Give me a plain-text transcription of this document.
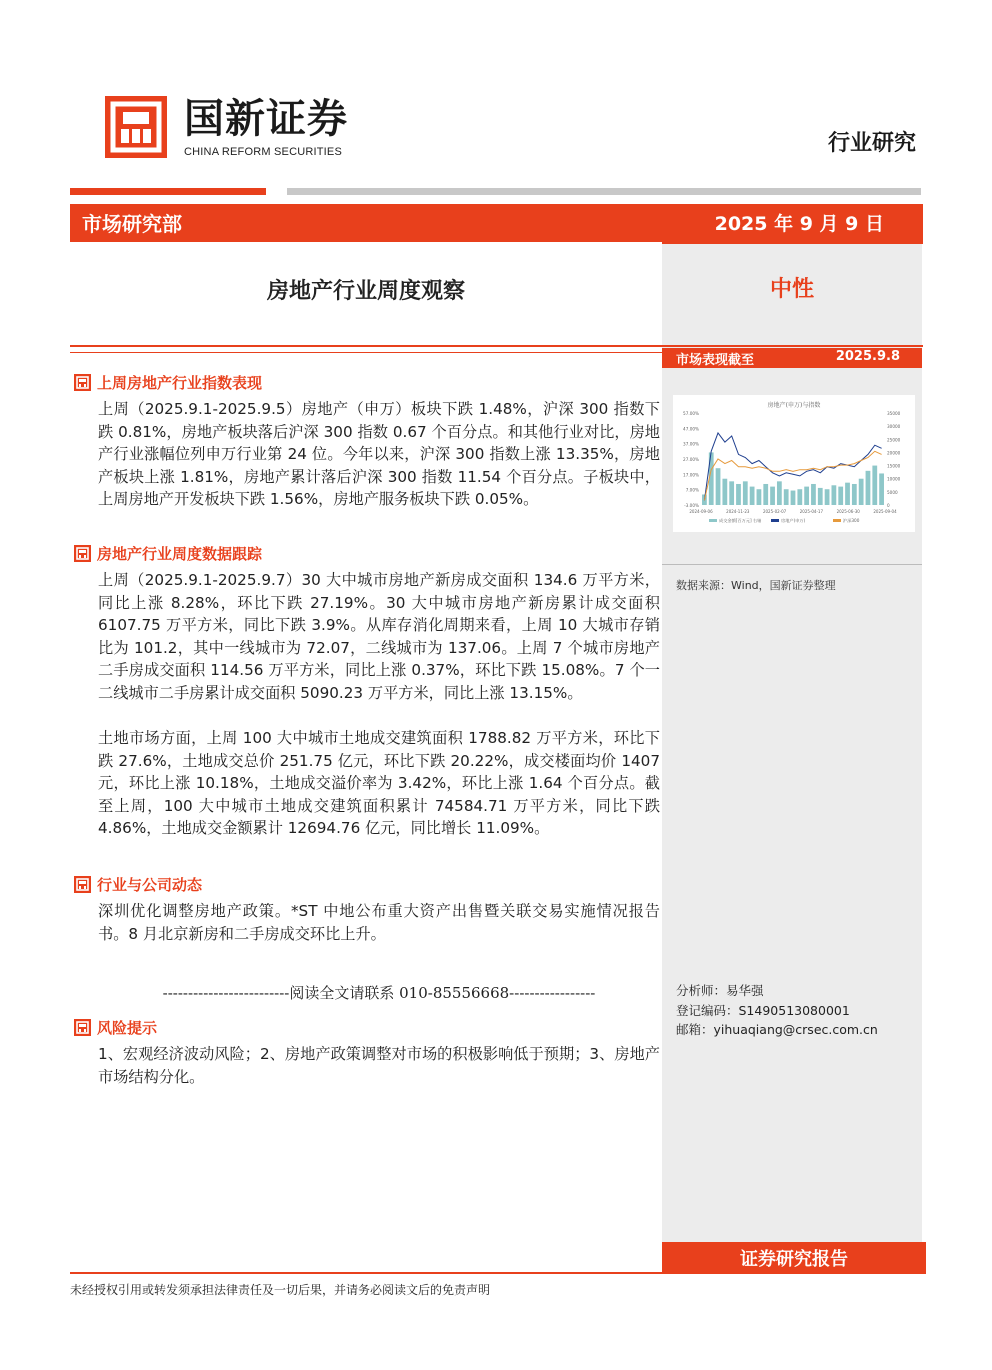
国新证券
CHINA REFORM SECURITIES	行业研究
市场研究部	2025 年 9 月 9 日
房地产行业周度观察	中性
市场表现截至	2025.9.8
房地产(申万)与指数
57.00%
47.00%
37.00%
27.00%
17.00%
7.00%
-3.00%
35000
30000
25000
20000
15000
10000
5000
0
2024-09-06	2024-11-23	2025-02-07	2025-04-17	2025-06-30	2025-09-04
成交金额[百万元] 右轴	房地产(申万)	沪深300
数据来源：Wind，国新证券整理
上周房地产行业指数表现
上周（2025.9.1-2025.9.5）房地产（申万）板块下跌 1.48%，沪深 300 指数下跌 0.81%，房地产板块落后沪深 300 指数 0.67 个百分点。和其他行业对比，房地产行业涨幅位列申万行业第 24 位。今年以来，沪深 300 指数上涨 13.35%，房地产板块上涨 1.81%，房地产累计落后沪深 300 指数 11.54 个百分点。子板块中，上周房地产开发板块下跌 1.56%，房地产服务板块下跌 0.05%。
房地产行业周度数据跟踪
上周（2025.9.1-2025.9.7）30 大中城市房地产新房成交面积 134.6 万平方米，同比上涨 8.28%，环比下跌 27.19%。30 大中城市房地产新房累计成交面积 6107.75 万平方米，同比下跌 3.9%。从库存消化周期来看，上周 10 大城市存销比为 101.2，其中一线城市为 72.07，二线城市为 137.06。上周 7 个城市房地产二手房成交面积 114.56 万平方米，同比上涨 0.37%，环比下跌 15.08%。7 个一二线城市二手房累计成交面积 5090.23 万平方米，同比上涨 13.15%。
土地市场方面，上周 100 大中城市土地成交建筑面积 1788.82 万平方米，环比下跌 27.6%，土地成交总价 251.75 亿元，环比下跌 20.22%，成交楼面均价 1407 元，环比上涨 10.18%，土地成交溢价率为 3.42%，环比上涨 1.64 个百分点。截至上周，100 大中城市土地成交建筑面积累计 74584.71 万平方米，同比下跌 4.86%，土地成交金额累计 12694.76 亿元，同比增长 11.09%。
行业与公司动态
深圳优化调整房地产政策。*ST 中地公布重大资产出售暨关联交易实施情况报告书。8 月北京新房和二手房成交环比上升。
-------------------------阅读全文请联系 010-85556668-----------------	分析师：易华强
登记编码：S1490513080001
邮箱：yihuaqiang@crsec.com.cn
风险提示
1、宏观经济波动风险；2、房地产政策调整对市场的积极影响低于预期；3、房地产市场结构分化。
证券研究报告
未经授权引用或转发须承担法律责任及一切后果，并请务必阅读文后的免责声明
